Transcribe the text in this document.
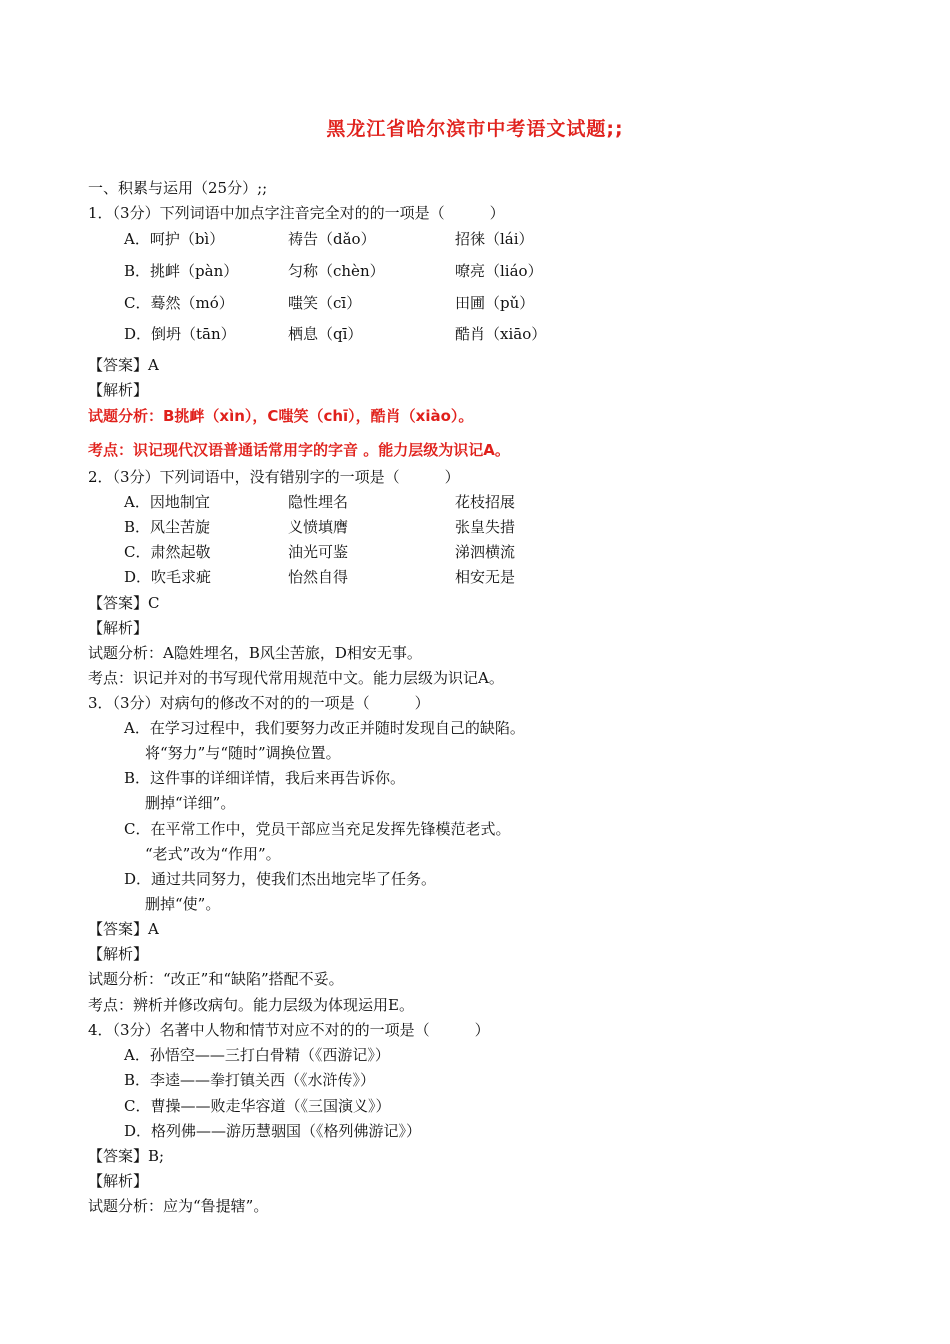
黑龙江省哈尔滨市中考语文试题;;
一、积累与运用（25分）;;
1．（3分）下列词语中加点字注音完全对的的一项是（　　　）
A．呵护（bì）	祷告（dǎo）	招徕（lái）
B．挑衅（pàn）	匀称（chèn）	嘹亮（liáo）
C．蓦然（mó）	嗤笑（cī）	田圃（pǔ）
D．倒坍（tān）	栖息（qī）	酷肖（xiāo）
【答案】A
【解析】
试题分析：B挑衅（xìn），C嗤笑（chī），酷肖（xiào）。
考点：识记现代汉语普通话常用字的字音 。能力层级为识记A。
2．（3分）下列词语中，没有错别字的一项是（　　　）
A．因地制宜	隐性埋名	花枝招展
B．风尘苦旋	义愤填膺	张皇失措
C．肃然起敬	油光可鉴	涕泗横流
D．吹毛求疵	怡然自得	相安无是
【答案】C
【解析】
试题分析：A隐姓埋名，B风尘苦旅，D相安无事。
考点：识记并对的书写现代常用规范中文。能力层级为识记A。
3．（3分）对病句的修改不对的的一项是（　　　）
A．在学习过程中，我们要努力改正并随时发现自己的缺陷。
将“努力”与“随时”调换位置。
B．这件事的详细详情，我后来再告诉你。
删掉“详细”。
C．在平常工作中，党员干部应当充足发挥先锋模范老式。
“老式”改为“作用”。
D．通过共同努力，使我们杰出地完毕了任务。
删掉“使”。
【答案】A
【解析】
试题分析：“改正”和“缺陷”搭配不妥。
考点：辨析并修改病句。能力层级为体现运用E。
4．（3分）名著中人物和情节对应不对的的一项是（　　　）
A．孙悟空——三打白骨精（《西游记》）
B．李逵——拳打镇关西（《水浒传》）
C．曹操——败走华容道（《三国演义》）
D．格列佛——游历慧骃国（《格列佛游记》）
【答案】B;
【解析】
试题分析：应为“鲁提辖”。
